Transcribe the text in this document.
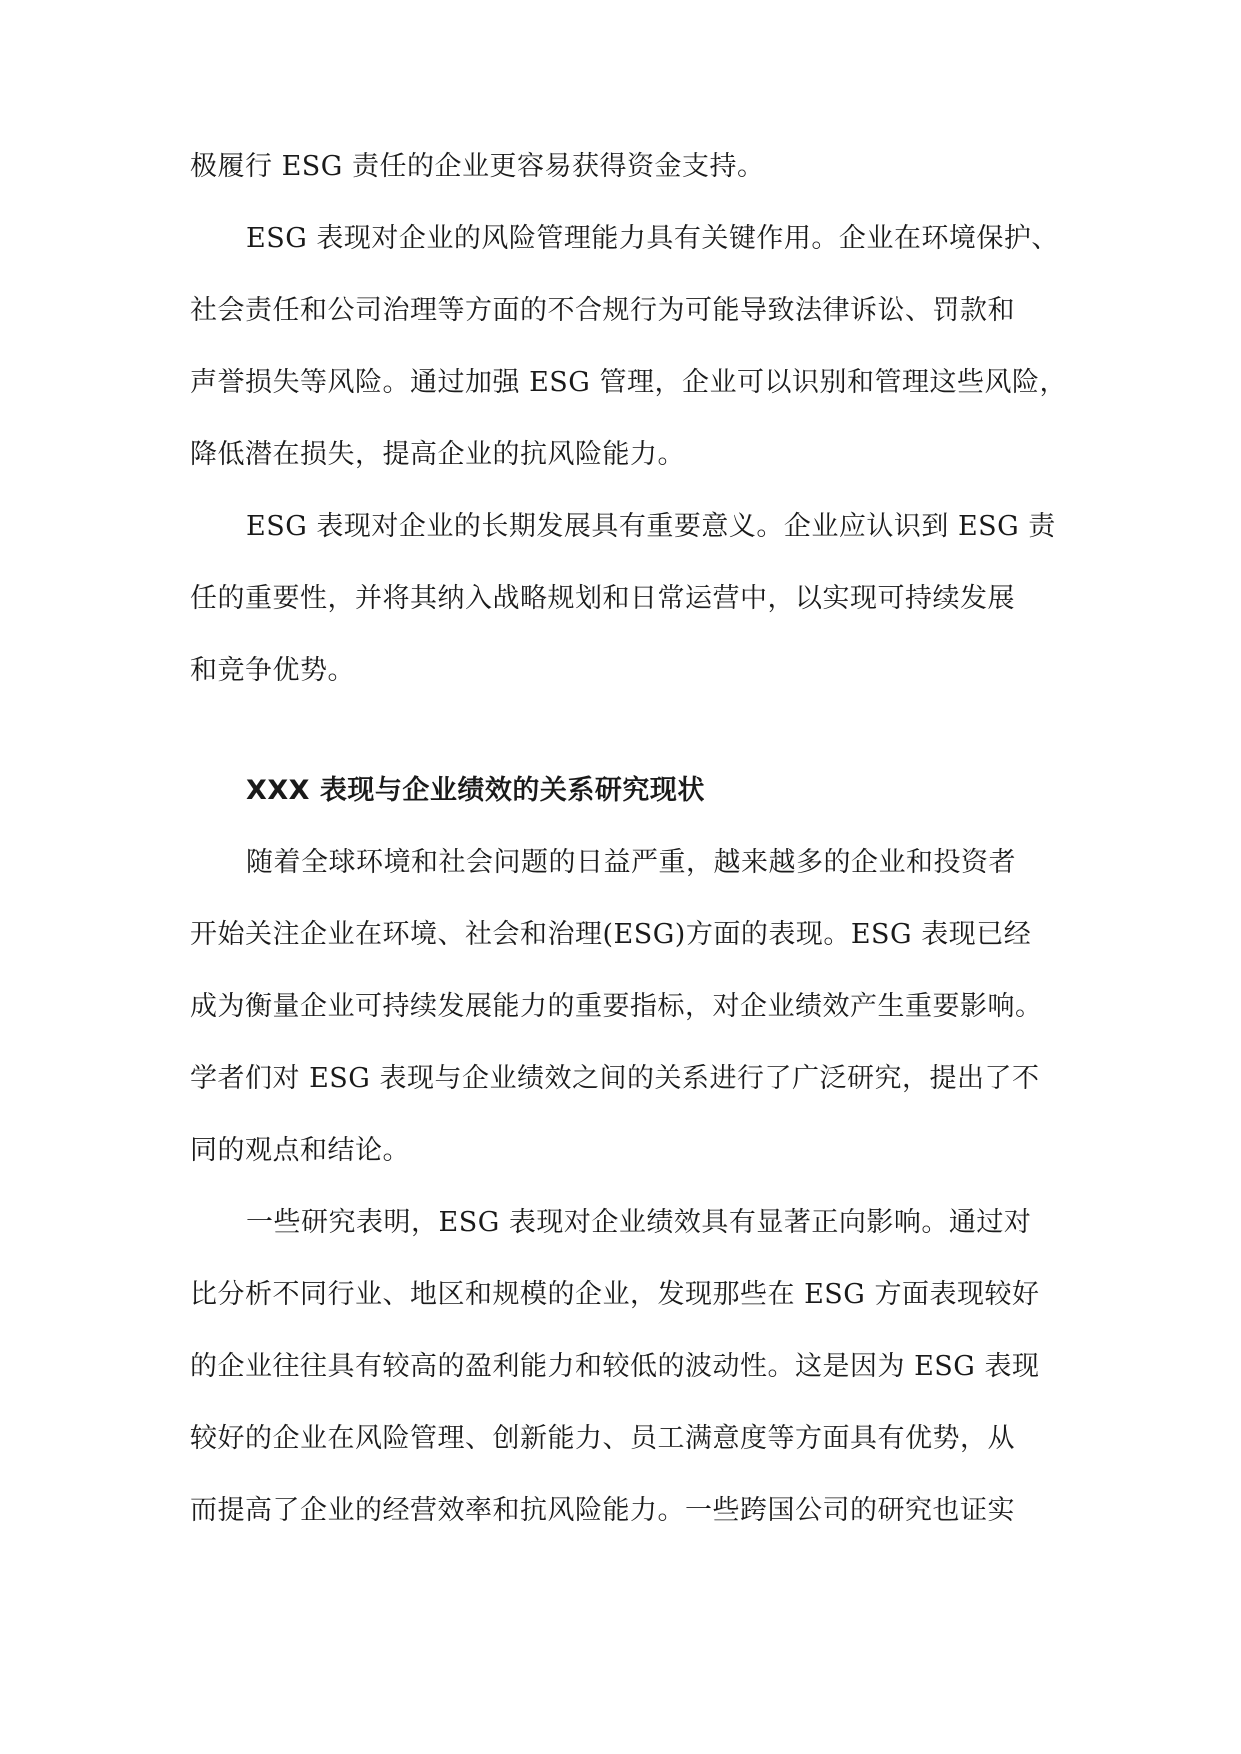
极履行 ESG 责任的企业更容易获得资金支持。
ESG 表现对企业的风险管理能力具有关键作用。企业在环境保护、
社会责任和公司治理等方面的不合规行为可能导致法律诉讼、罚款和
声誉损失等风险。通过加强 ESG 管理，企业可以识别和管理这些风险，
降低潜在损失，提高企业的抗风险能力。
ESG 表现对企业的长期发展具有重要意义。企业应认识到 ESG 责
任的重要性，并将其纳入战略规划和日常运营中，以实现可持续发展
和竞争优势。
XXX 表现与企业绩效的关系研究现状
随着全球环境和社会问题的日益严重，越来越多的企业和投资者
开始关注企业在环境、社会和治理(ESG)方面的表现。ESG 表现已经
成为衡量企业可持续发展能力的重要指标，对企业绩效产生重要影响。
学者们对 ESG 表现与企业绩效之间的关系进行了广泛研究，提出了不
同的观点和结论。
一些研究表明，ESG 表现对企业绩效具有显著正向影响。通过对
比分析不同行业、地区和规模的企业，发现那些在 ESG 方面表现较好
的企业往往具有较高的盈利能力和较低的波动性。这是因为 ESG 表现
较好的企业在风险管理、创新能力、员工满意度等方面具有优势，从
而提高了企业的经营效率和抗风险能力。一些跨国公司的研究也证实
